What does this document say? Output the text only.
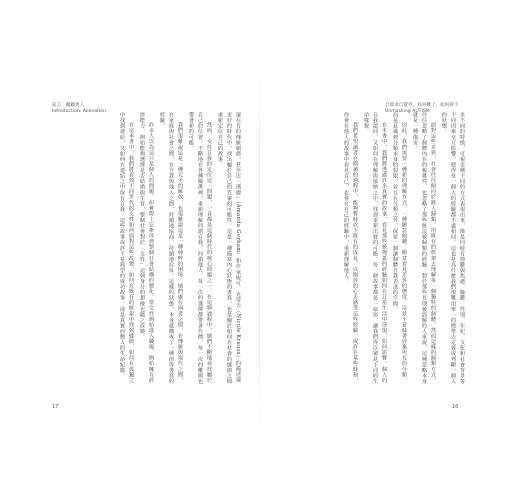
前言：聽聽異人
Introduction: Alienation

還在有的傳統網絡，甚至比「瑪麗」（Amanda Gorham）和作家妮可．克勞夫（Nicole Krauss）的描述還更好的時代中，找出屬於自己的答案的可能性。這是一種描寫內心狀態的書寫，也是關於如何在社會的縫隙之間重新定位自己的故事。

然而，女性自我的定位這一問題，一直都是這個時代的核心問題之一。在這個過程中，她們不斷地尋找屬於自己的位置，不斷地在各種關係裡，重新理解何謂自我，何謂他人。每一次的選擇都帶著代價，每一次的離開也帶著新的可能。

我們很難說這是一種完全的解放，也很難說這是一種純粹的困境。她們處在兩者之間，在傳統與現代之間，在家庭與社會之間，在自我與他人之間，持續地協商、持續地拉扯。這樣的狀態，本身就構成了一種值得書寫的經驗。

許多人以為這只是個人的問題，但實際上它牽涉到整個社會結構的變化。當女性開始進入職場、開始擁有經濟能力、開始能夠選擇是否結婚與生育，整個社會對於「女性」這個身分的想像也隨之改變。

在這本書中，我們將看到不同世代的女性如何面對這些改變，如何在既有的框架中找到縫隙，如何在孤獨之中找到連結，又如何在連結之中保有自我。這些故事或許不是典型的成功故事，卻是真實而動人的生命紀錄。

17
自問求自覺外，為何難上，如何拆下
Unmasking AUTISM

多不同的特徵，可視多種不同的方式表現出來，像是同時有抑鬱與焦慮、躁鬱、性別、年紀、文化和社會背景等不同因素交互影響，使得每一個人的經驗都不盡相同。這也是為什麼我們很難用單一的標準去定義或判斷一個人的狀態。

面對這些差異，社會往往傾向於將人歸類，用既有的框架去理解每一個獨特的個體。然而這樣的歸類方式，往往忽略了個體內在的複雜性，也忽略了那些無法被歸類的經驗。對於那些長期被誤解的人來說，這種忽略本身就是一種傷害。

因此，我們需要一種新的理解方式，一種願意傾聽、願意看見差異的態度。這並不意味著放棄所有的分類，而是意識到分類本身的侷限，並且在分類之外，保留一個讓個體自我表達的空間。

在本書中，我們將透過許多真實的故事，看見那些被掩蓋的經驗如何在日常生活中浮現，如何影響一個人的自我認同，又如何在理解與接納之中，找到重新出發的可能。每一個故事都是一扇窗，讓我們得以窺見不同的生命樣貌。

我們希望讀者在閱讀的過程中，能夠暫時放下既有的成見，以開放的心去感受這些經驗。或許在某些時刻，你會在他人的故事中看見自己，也會在自己的經驗中，重新理解他人。

16
